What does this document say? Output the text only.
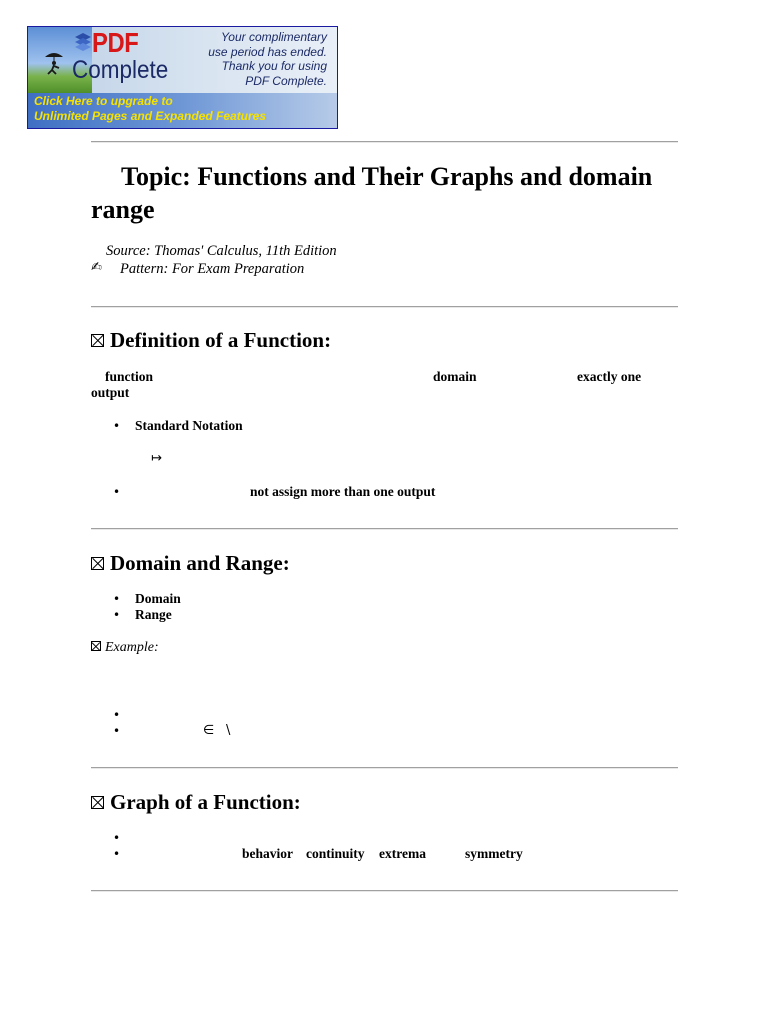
PDF
Complete
Your complimentary
use period has ended.
Thank you for using
PDF Complete.
Click Here to upgrade to
Unlimited Pages and Expanded Features
Topic: Functions and Their Graphs and domain range
Source: Thomas' Calculus, 11th Edition
✍ Pattern: For Exam Preparation
Definition of a Function:
function	domain	exactly one
output
• Standard Notation
↦
•	not assign more than one output
Domain and Range:
• Domain
• Range
Example:
•
•	∈ \
Graph of a Function:
•
•	behavior continuity extrema	symmetry
